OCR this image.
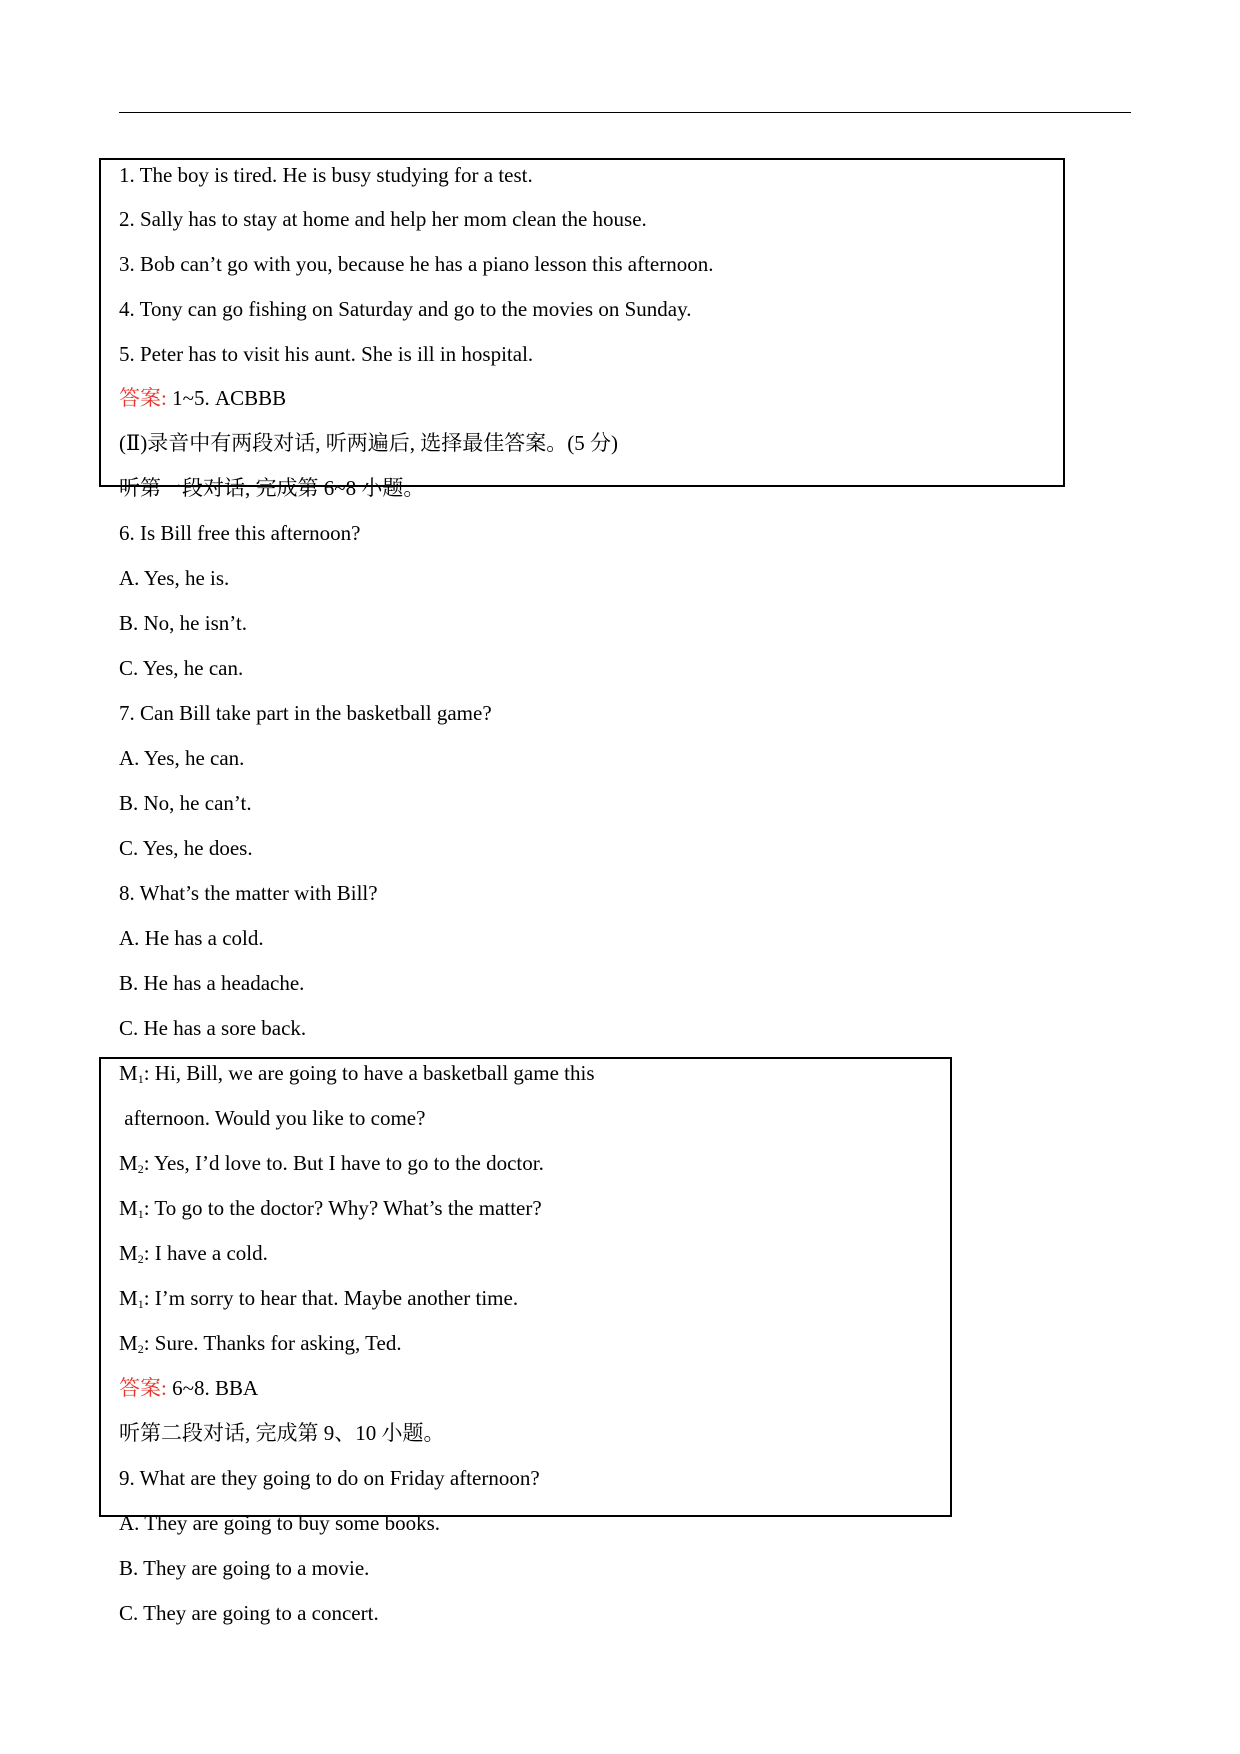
1. The boy is tired. He is busy studying for a test.
2. Sally has to stay at home and help her mom clean the house.
3. Bob can’t go with you, because he has a piano lesson this afternoon.
4. Tony can go fishing on Saturday and go to the movies on Sunday.
5. Peter has to visit his aunt. She is ill in hospital.
答案: 1~5. ACBBB
(Ⅱ)录音中有两段对话, 听两遍后, 选择最佳答案。(5 分)
听第一段对话, 完成第 6~8 小题。
6. Is Bill free this afternoon?
A. Yes, he is.
B. No, he isn’t.
C. Yes, he can.
7. Can Bill take part in the basketball game?
A. Yes, he can.
B. No, he can’t.
C. Yes, he does.
8. What’s the matter with Bill?
A. He has a cold.
B. He has a headache.
C. He has a sore back.
$M_1$: Hi, Bill, we are going to have a basketball game this
afternoon. Would you like to come?
$M_2$: Yes, I’d love to. But I have to go to the doctor.
$M_1$: To go to the doctor? Why? What’s the matter?
$M_2$: I have a cold.
$M_1$: I’m sorry to hear that. Maybe another time.
$M_2$: Sure. Thanks for asking, Ted.
答案: 6~8. BBA
听第二段对话, 完成第 9、10 小题。
9. What are they going to do on Friday afternoon?
A. They are going to buy some books.
B. They are going to a movie.
C. They are going to a concert.
